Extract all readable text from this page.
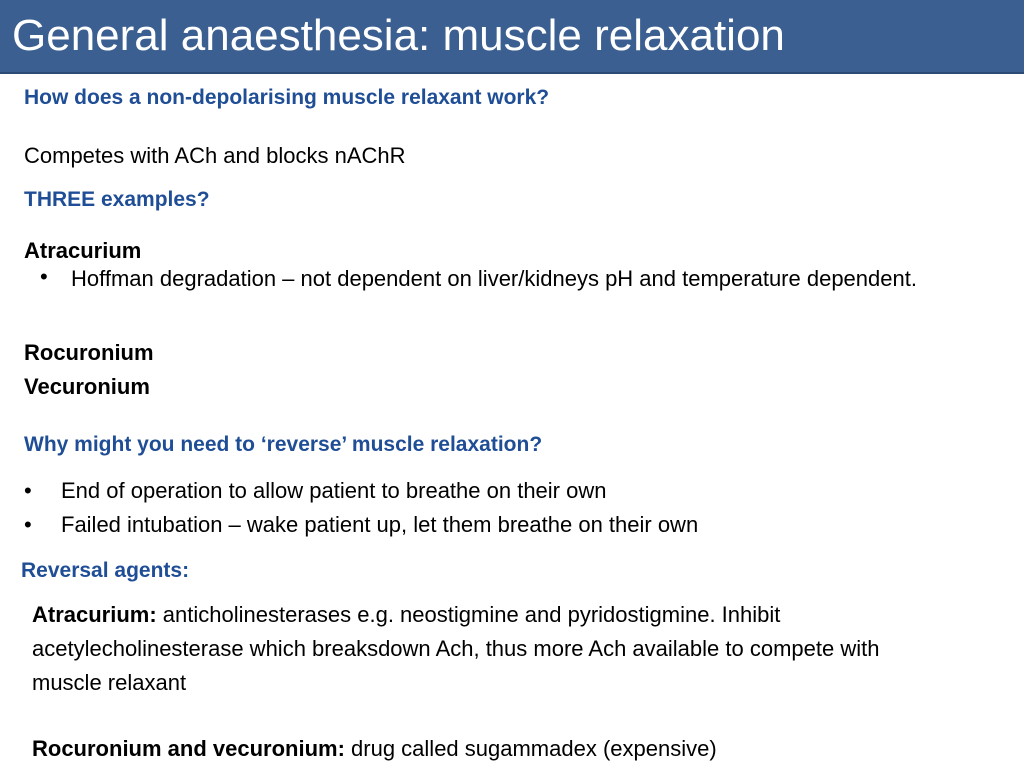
General anaesthesia: muscle relaxation
How does a non-depolarising muscle relaxant work?
Competes with ACh and blocks nAChR
THREE examples?
Atracurium
• Hoffman degradation – not dependent on liver/kidneys pH and temperature dependent.
Rocuronium
Vecuronium
Why might you need to ‘reverse’ muscle relaxation?
• End of operation to allow patient to breathe on their own
• Failed intubation – wake patient up, let them breathe on their own
Reversal agents:
Atracurium: anticholinesterases e.g. neostigmine and pyridostigmine. Inhibit acetylecholinesterase which breaksdown Ach, thus more Ach available to compete with muscle relaxant
Rocuronium and vecuronium: drug called sugammadex (expensive)
